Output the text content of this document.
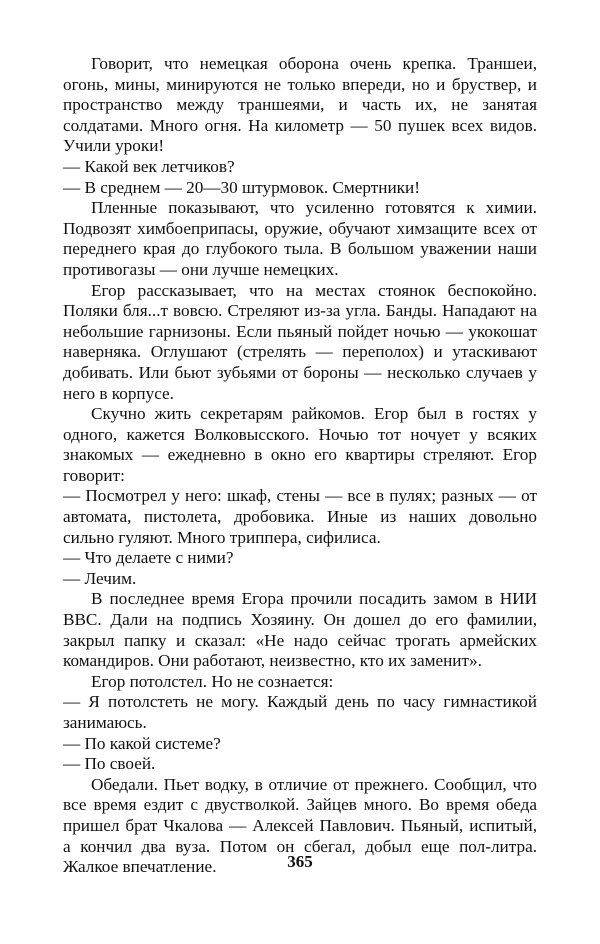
Говорит, что немецкая оборона очень крепка. Траншеи, огонь, мины, минируются не только впереди, но и бруствер, и пространство между траншеями, и часть их, не занятая солдатами. Много огня. На километр — 50 пушек всех видов. Учили уроки!

— Какой век летчиков?

— В среднем — 20—30 штурмовок. Смертники!

Пленные показывают, что усиленно готовятся к химии. Подвозят химбоеприпасы, оружие, обучают химзащите всех от переднего края до глубокого тыла. В большом уважении наши противогазы — они лучше немецких.

Егор рассказывает, что на местах стоянок беспокойно. Поляки бля...т вовсю. Стреляют из-за угла. Банды. Нападают на небольшие гарнизоны. Если пьяный пойдет ночью — укокошат наверняка. Оглушают (стрелять — переполох) и утаскивают добивать. Или бьют зубьями от бороны — несколько случаев у него в корпусе.

Скучно жить секретарям райкомов. Егор был в гостях у одного, кажется Волковысского. Ночью тот ночует у всяких знакомых — ежедневно в окно его квартиры стреляют. Егор говорит:

— Посмотрел у него: шкаф, стены — все в пулях; разных — от автомата, пистолета, дробовика. Иные из наших довольно сильно гуляют. Много триппера, сифилиса.

— Что делаете с ними?

— Лечим.

В последнее время Егора прочили посадить замом в НИИ ВВС. Дали на подпись Хозяину. Он дошел до его фамилии, закрыл папку и сказал: «Не надо сейчас трогать армейских командиров. Они работают, неизвестно, кто их заменит».

Егор потолстел. Но не сознается:

— Я потолстеть не могу. Каждый день по часу гимнастикой занимаюсь.

— По какой системе?

— По своей.

Обедали. Пьет водку, в отличие от прежнего. Сообщил, что все время ездит с двустволкой. Зайцев много. Во время обеда пришел брат Чкалова — Алексей Павлович. Пьяный, испитый, а кончил два вуза. Потом он сбегал, добыл еще пол-литра. Жалкое впечатление.	365
